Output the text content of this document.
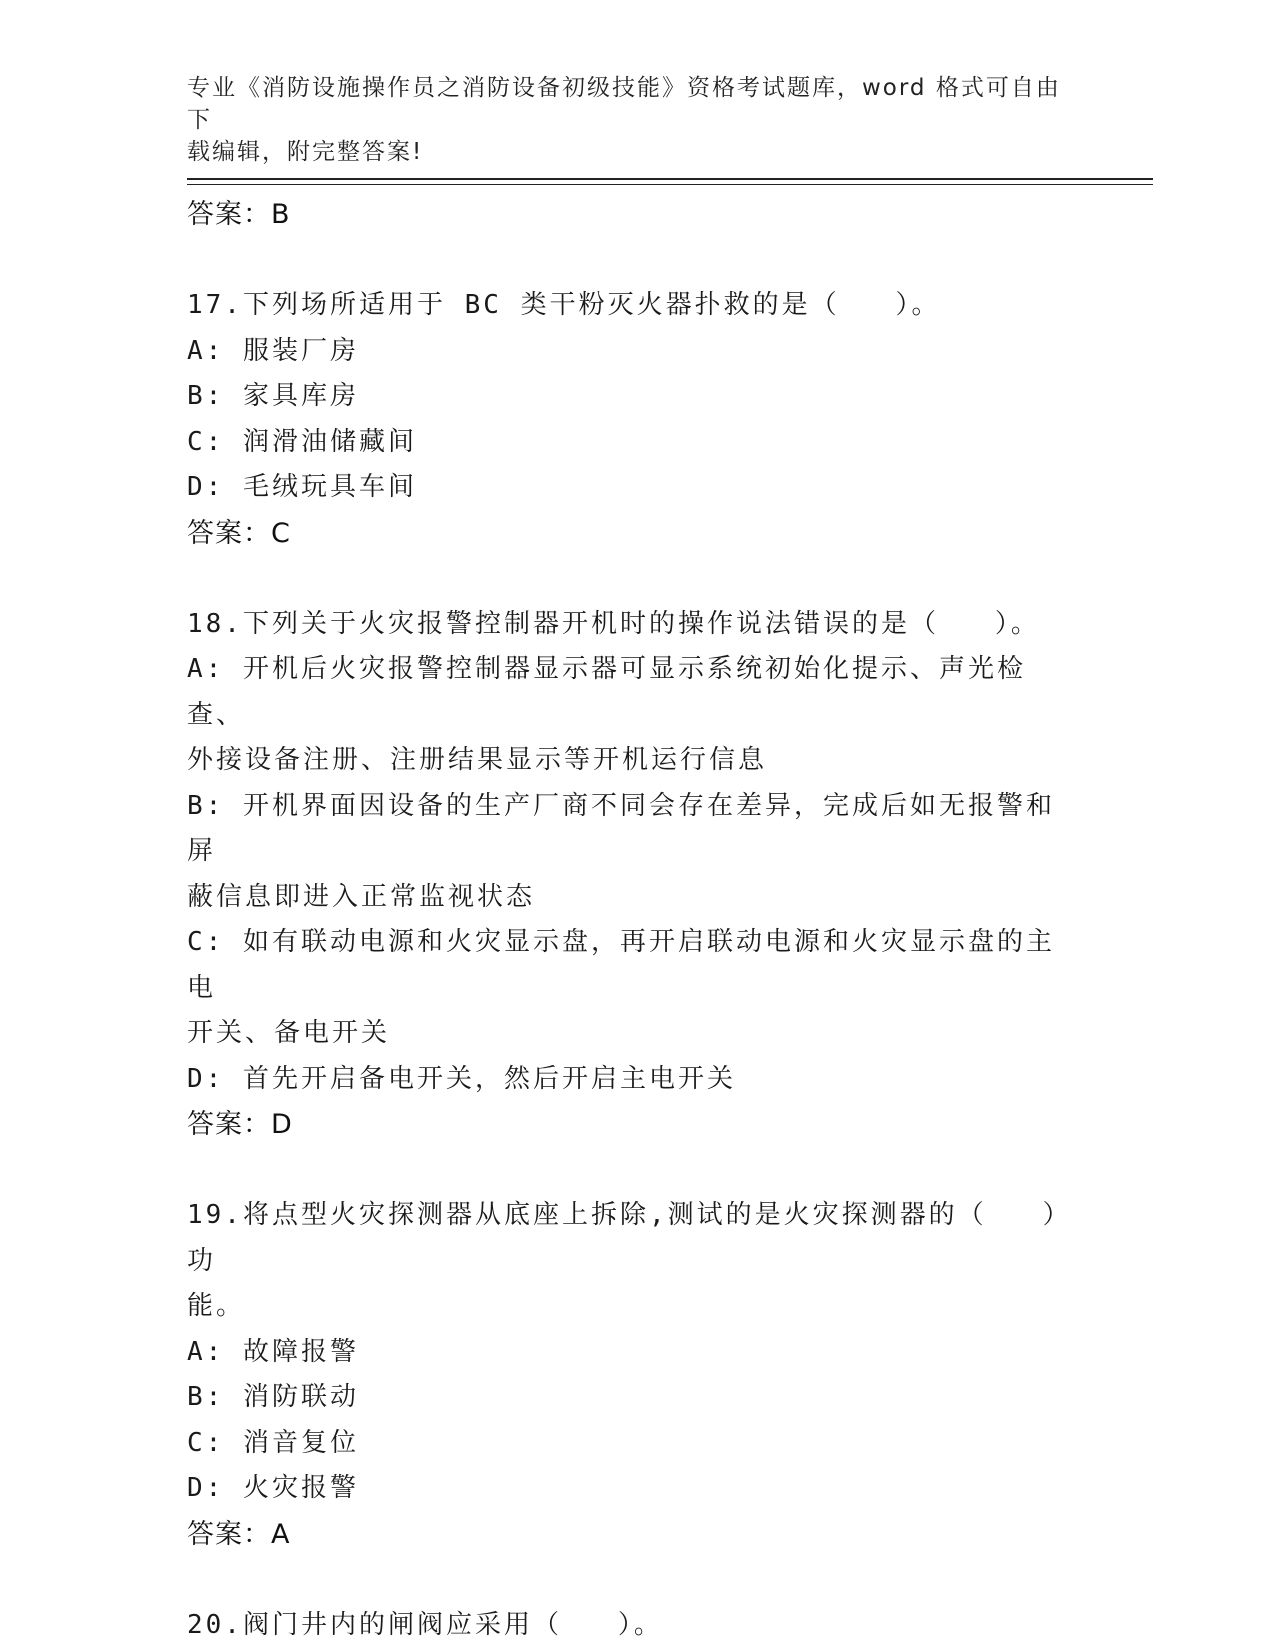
专业《消防设施操作员之消防设备初级技能》资格考试题库，word 格式可自由下
载编辑，附完整答案!
答案：B
17.下列场所适用于 BC 类干粉灭火器扑救的是（   ）。
A: 服装厂房
B: 家具库房
C: 润滑油储藏间
D: 毛绒玩具车间
答案：C
18.下列关于火灾报警控制器开机时的操作说法错误的是（   ）。
A: 开机后火灾报警控制器显示器可显示系统初始化提示、声光检查、
外接设备注册、注册结果显示等开机运行信息
B: 开机界面因设备的生产厂商不同会存在差异，完成后如无报警和屏
蔽信息即进入正常监视状态
C: 如有联动电源和火灾显示盘，再开启联动电源和火灾显示盘的主电
开关、备电开关
D: 首先开启备电开关，然后开启主电开关
答案：D
19.将点型火灾探测器从底座上拆除,测试的是火灾探测器的（   ）功
能。
A: 故障报警
B: 消防联动
C: 消音复位
D: 火灾报警
答案：A
20.阀门井内的闸阀应采用（   ）。
